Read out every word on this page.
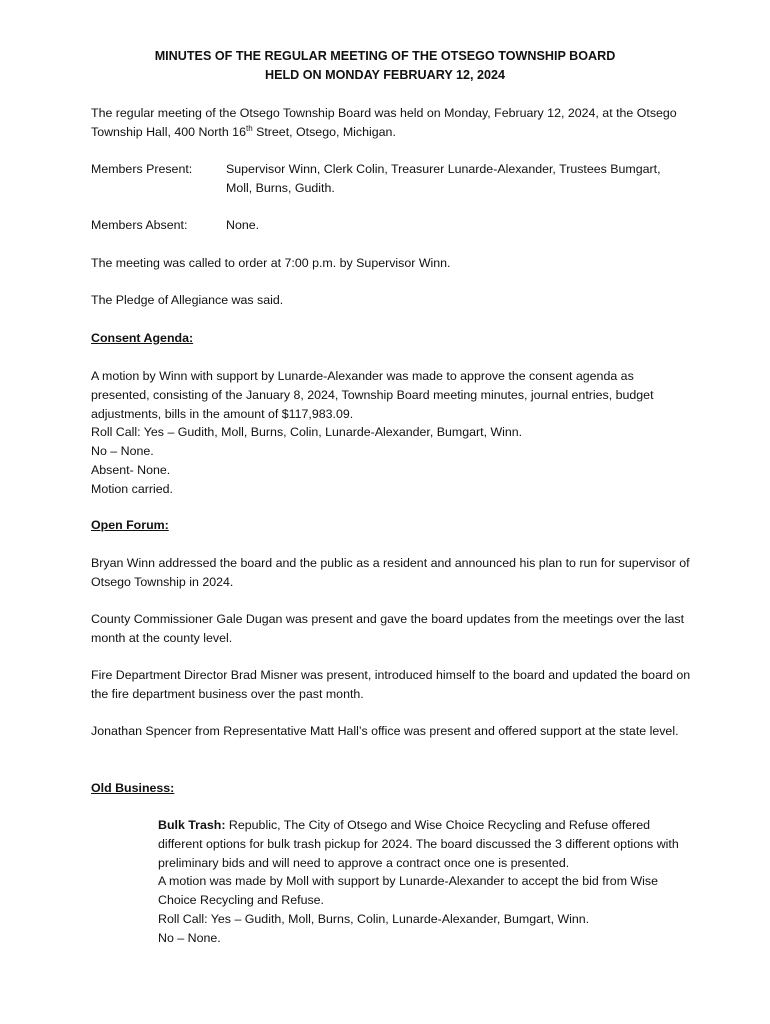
MINUTES OF THE REGULAR MEETING OF THE OTSEGO TOWNSHIP BOARD
HELD ON MONDAY FEBRUARY 12, 2024

The regular meeting of the Otsego Township Board was held on Monday, February 12, 2024, at the Otsego Township Hall, 400 North 16th Street, Otsego, Michigan.

Members Present:	Supervisor Winn, Clerk Colin, Treasurer Lunarde-Alexander, Trustees Bumgart, Moll, Burns, Gudith.
Members Absent:	None.

The meeting was called to order at 7:00 p.m. by Supervisor Winn.

The Pledge of Allegiance was said.

Consent Agenda:

A motion by Winn with support by Lunarde-Alexander was made to approve the consent agenda as presented, consisting of the January 8, 2024, Township Board meeting minutes, journal entries, budget adjustments, bills in the amount of $117,983.09.

Roll Call: Yes – Gudith, Moll, Burns, Colin, Lunarde-Alexander, Bumgart, Winn.

No – None.

Absent- None.

Motion carried.

Open Forum:

Bryan Winn addressed the board and the public as a resident and announced his plan to run for supervisor of Otsego Township in 2024.

County Commissioner Gale Dugan was present and gave the board updates from the meetings over the last month at the county level.

Fire Department Director Brad Misner was present, introduced himself to the board and updated the board on the fire department business over the past month.

Jonathan Spencer from Representative Matt Hall’s office was present and offered support at the state level.

Old Business:

Bulk Trash: Republic, The City of Otsego and Wise Choice Recycling and Refuse offered different options for bulk trash pickup for 2024. The board discussed the 3 different options with preliminary bids and will need to approve a contract once one is presented.

A motion was made by Moll with support by Lunarde-Alexander to accept the bid from Wise Choice Recycling and Refuse.

Roll Call: Yes – Gudith, Moll, Burns, Colin, Lunarde-Alexander, Bumgart, Winn.

No – None.
